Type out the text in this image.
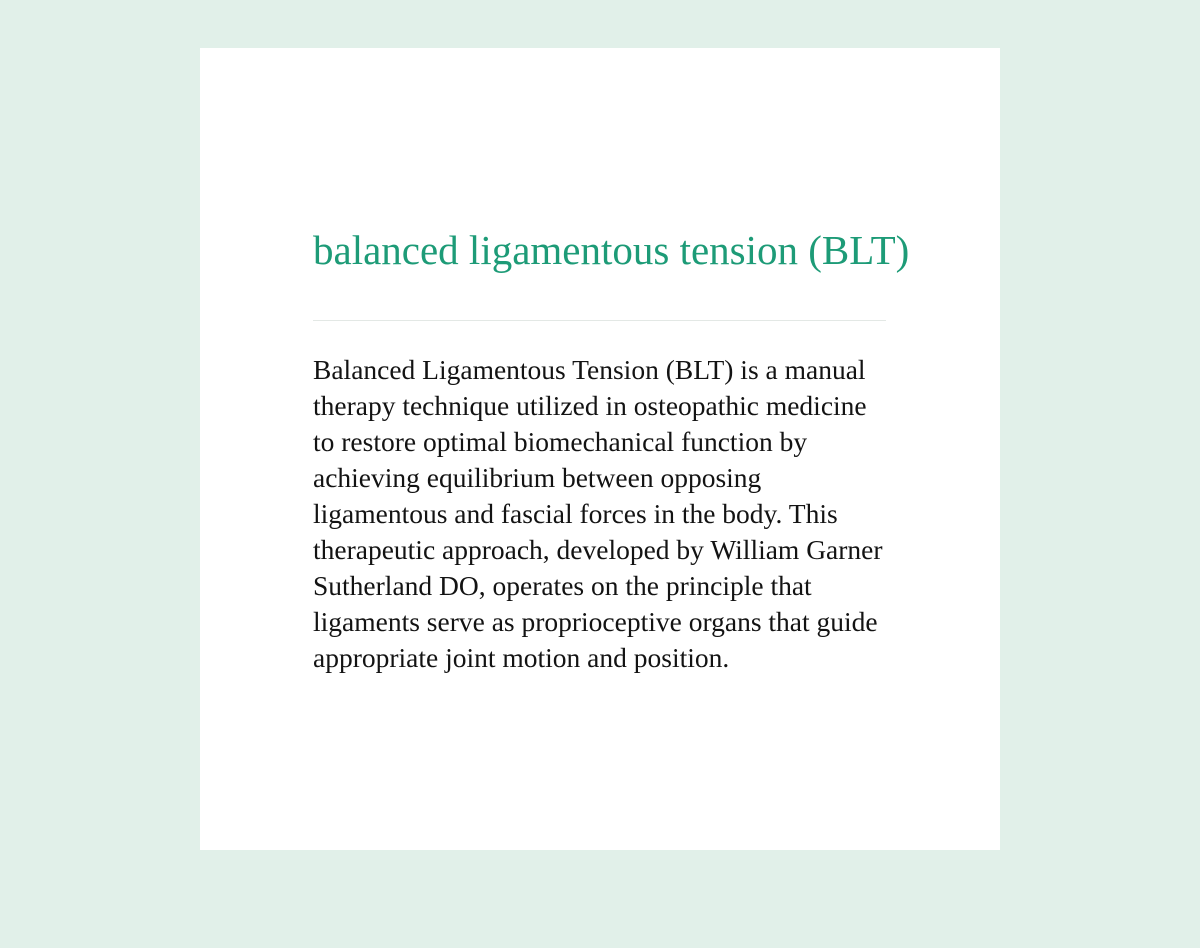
balanced ligamentous tension (BLT)

Balanced Ligamentous Tension (BLT) is a manual therapy technique utilized in osteopathic medicine to restore optimal biomechanical function by achieving equilibrium between opposing ligamentous and fascial forces in the body. This therapeutic approach, developed by William Garner Sutherland DO, operates on the principle that ligaments serve as proprioceptive organs that guide appropriate joint motion and position.
